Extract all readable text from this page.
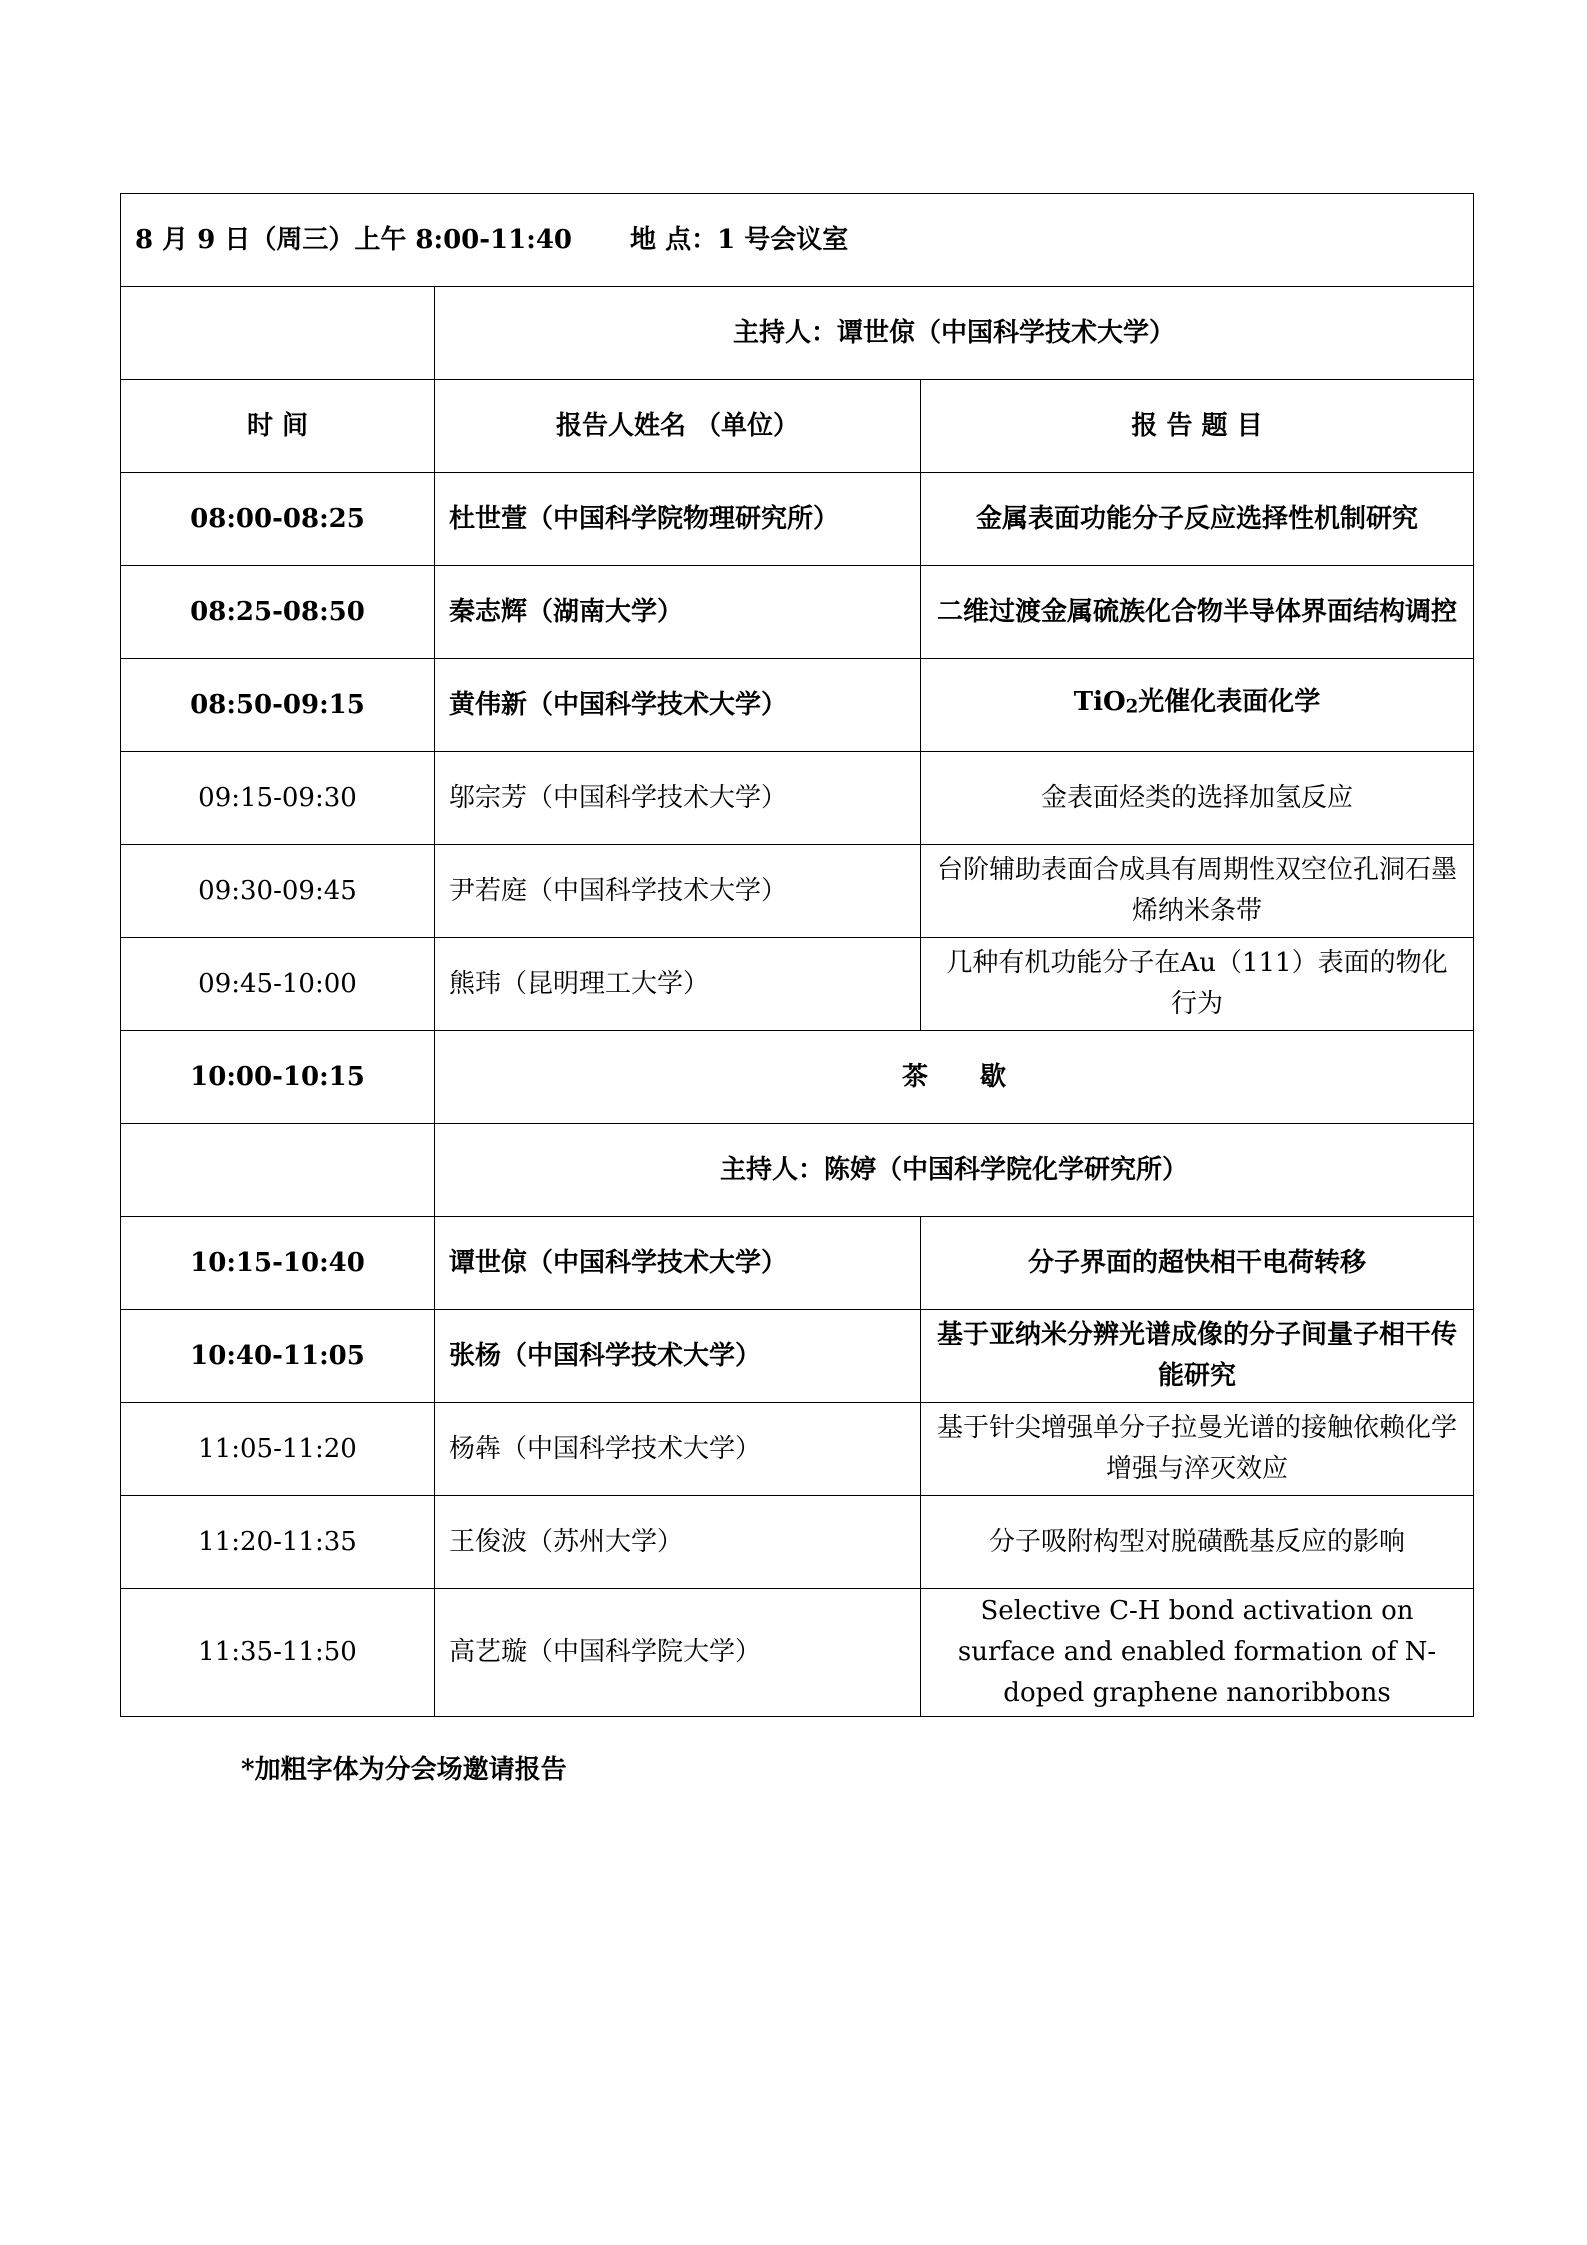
8 月 9 日（周三）上午 8:00-11:40 地 点：1 号会议室		
	主持人：谭世倞（中国科学技术大学）	
时 间	报告人姓名 （单位）	报 告 题 目
08:00-08:25	杜世萱（中国科学院物理研究所）	金属表面功能分子反应选择性机制研究
08:25-08:50	秦志辉（湖南大学）	二维过渡金属硫族化合物半导体界面结构调控
08:50-09:15	黄伟新（中国科学技术大学）	TiO$_2$光催化表面化学
09:15-09:30	邬宗芳（中国科学技术大学）	金表面烃类的选择加氢反应
09:30-09:45	尹若庭（中国科学技术大学）	台阶辅助表面合成具有周期性双空位孔洞石墨烯纳米条带
09:45-10:00	熊玮（昆明理工大学）	几种有机功能分子在Au（111）表面的物化行为
10:00-10:15	茶 歇	
	主持人：陈婷（中国科学院化学研究所）	
10:15-10:40	谭世倞（中国科学技术大学）	分子界面的超快相干电荷转移
10:40-11:05	张杨（中国科学技术大学）	基于亚纳米分辨光谱成像的分子间量子相干传能研究
11:05-11:20	杨犇（中国科学技术大学）	基于针尖增强单分子拉曼光谱的接触依赖化学增强与淬灭效应
11:20-11:35	王俊波（苏州大学）	分子吸附构型对脱磺酰基反应的影响
11:35-11:50	高艺璇（中国科学院大学）	Selective C-H bond activation on surface and enabled formation of N-doped graphene nanoribbons
*加粗字体为分会场邀请报告
